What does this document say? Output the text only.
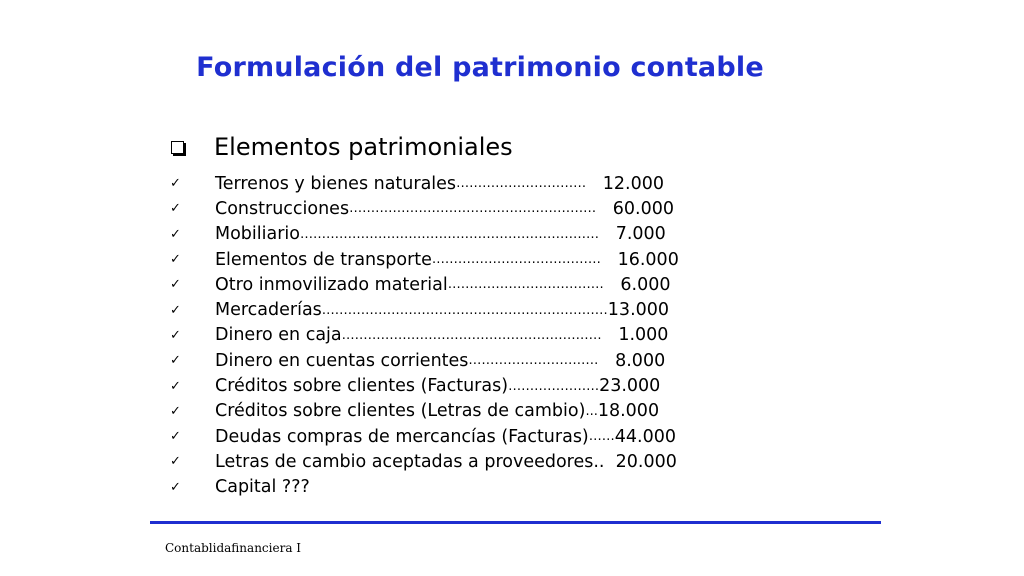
Formulación del patrimonio contable
Elementos patrimoniales
✓	Terrenos y bienes naturales ………………………… 12.000
✓	Construcciones ………………………………………………… 60.000
✓	Mobiliario …………………………………………………………… 7.000
✓	Elementos de transporte ………………………………… 16.000
✓	Otro inmovilizado material ……………………………… 6.000
✓	Mercaderías ………………………………………………………… 13.000
✓	Dinero en caja …………………………………………………… 1.000
✓	Dinero en cuentas corrientes ………………………… 8.000
✓	Créditos sobre clientes (Facturas) ………………… 23.000
✓	Créditos sobre clientes (Letras de cambio) ... 18.000
✓	Deudas compras de mercancías (Facturas) …… 44.000
✓	Letras de cambio aceptadas a proveedores.. 20.000
✓	Capital ???
Contablidafinanciera I
